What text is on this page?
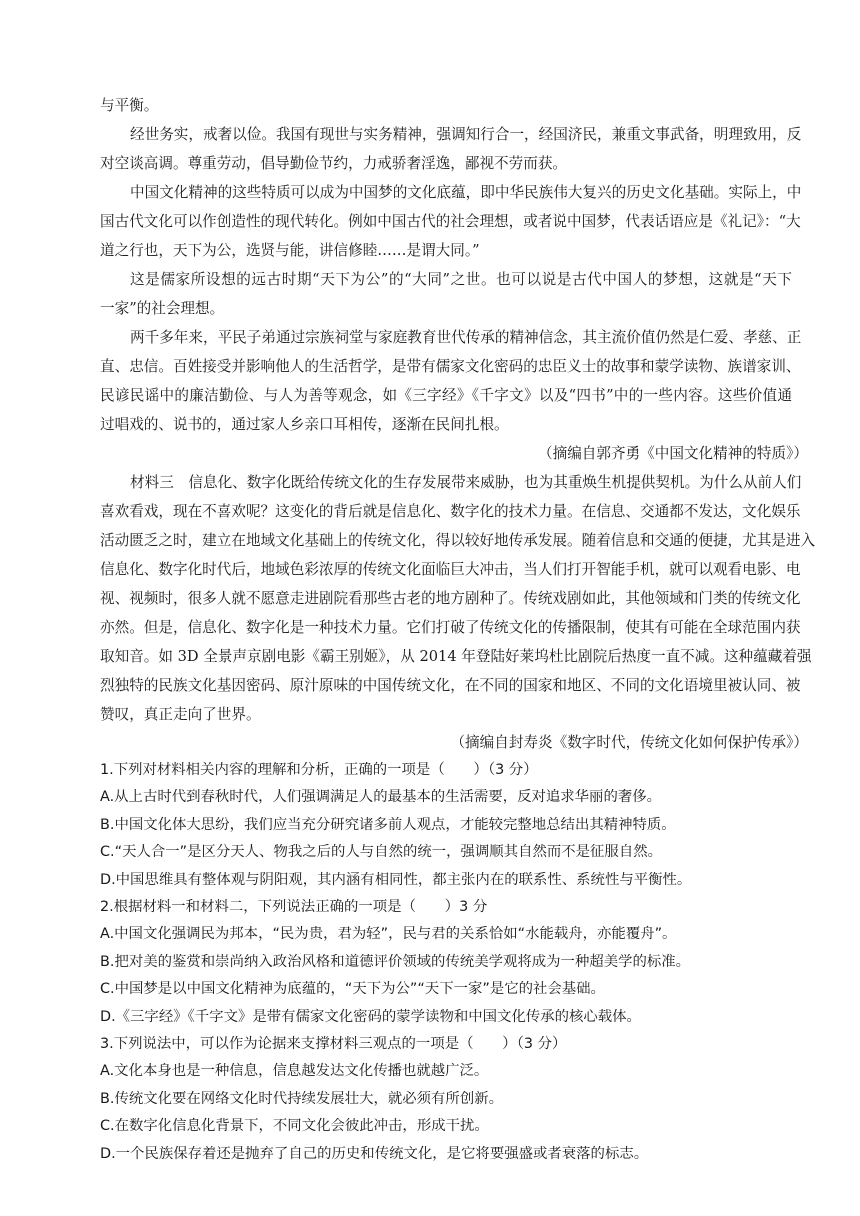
与平衡。
经世务实，戒奢以俭。我国有现世与实务精神，强调知行合一，经国济民，兼重文事武备，明理致用，反
对空谈高调。尊重劳动，倡导勤俭节约，力戒骄奢淫逸，鄙视不劳而获。
中国文化精神的这些特质可以成为中国梦的文化底蕴，即中华民族伟大复兴的历史文化基础。实际上，中
国古代文化可以作创造性的现代转化。例如中国古代的社会理想，或者说中国梦，代表话语应是《礼记》：“大
道之行也，天下为公，选贤与能，讲信修睦……是谓大同。”
这是儒家所设想的远古时期“天下为公”的“大同”之世。也可以说是古代中国人的梦想，这就是“天下
一家”的社会理想。
两千多年来，平民子弟通过宗族祠堂与家庭教育世代传承的精神信念，其主流价值仍然是仁爱、孝慈、正
直、忠信。百姓接受并影响他人的生活哲学，是带有儒家文化密码的忠臣义士的故事和蒙学读物、族谱家训、
民谚民谣中的廉洁勤俭、与人为善等观念，如《三字经》《千字文》以及“四书”中的一些内容。这些价值通
过唱戏的、说书的，通过家人乡亲口耳相传，逐渐在民间扎根。
（摘编自郭齐勇《中国文化精神的特质》）
材料三　信息化、数字化既给传统文化的生存发展带来威胁，也为其重焕生机提供契机。为什么从前人们
喜欢看戏，现在不喜欢呢？这变化的背后就是信息化、数字化的技术力量。在信息、交通都不发达，文化娱乐
活动匮乏之时，建立在地域文化基础上的传统文化，得以较好地传承发展。随着信息和交通的便捷，尤其是进入
信息化、数字化时代后，地域色彩浓厚的传统文化面临巨大冲击，当人们打开智能手机，就可以观看电影、电
视、视频时，很多人就不愿意走进剧院看那些古老的地方剧种了。传统戏剧如此，其他领域和门类的传统文化
亦然。但是，信息化、数字化是一种技术力量。它们打破了传统文化的传播限制，使其有可能在全球范围内获
取知音。如 3D 全景声京剧电影《霸王别姬》，从 2014 年登陆好莱坞杜比剧院后热度一直不减。这种蕴藏着强
烈独特的民族文化基因密码、原汁原味的中国传统文化，在不同的国家和地区、不同的文化语境里被认同、被
赞叹，真正走向了世界。
（摘编自封寿炎《数字时代，传统文化如何保护传承》）
1.下列对材料相关内容的理解和分析，正确的一项是（　　）（3 分）
A.从上古时代到春秋时代，人们强调满足人的最基本的生活需要，反对追求华丽的奢侈。
B.中国文化体大思纷，我们应当充分研究诸多前人观点，才能较完整地总结出其精神特质。
C.“天人合一”是区分天人、物我之后的人与自然的统一，强调顺其自然而不是征服自然。
D.中国思维具有整体观与阴阳观，其内涵有相同性，都主张内在的联系性、系统性与平衡性。
2.根据材料一和材料二，下列说法正确的一项是（　　）3 分
A.中国文化强调民为邦本，“民为贵，君为轻”，民与君的关系恰如“水能载舟，亦能覆舟”。
B.把对美的鉴赏和崇尚纳入政治风格和道德评价领域的传统美学观将成为一种超美学的标准。
C.中国梦是以中国文化精神为底蕴的，“天下为公”“天下一家”是它的社会基础。
D.《三字经》《千字文》是带有儒家文化密码的蒙学读物和中国文化传承的核心载体。
3.下列说法中，可以作为论据来支撑材料三观点的一项是（　　）（3 分）
A.文化本身也是一种信息，信息越发达文化传播也就越广泛。
B.传统文化要在网络文化时代持续发展壮大，就必须有所创新。
C.在数字化信息化背景下，不同文化会彼此冲击，形成干扰。
D.一个民族保存着还是抛弃了自己的历史和传统文化，是它将要强盛或者衰落的标志。
